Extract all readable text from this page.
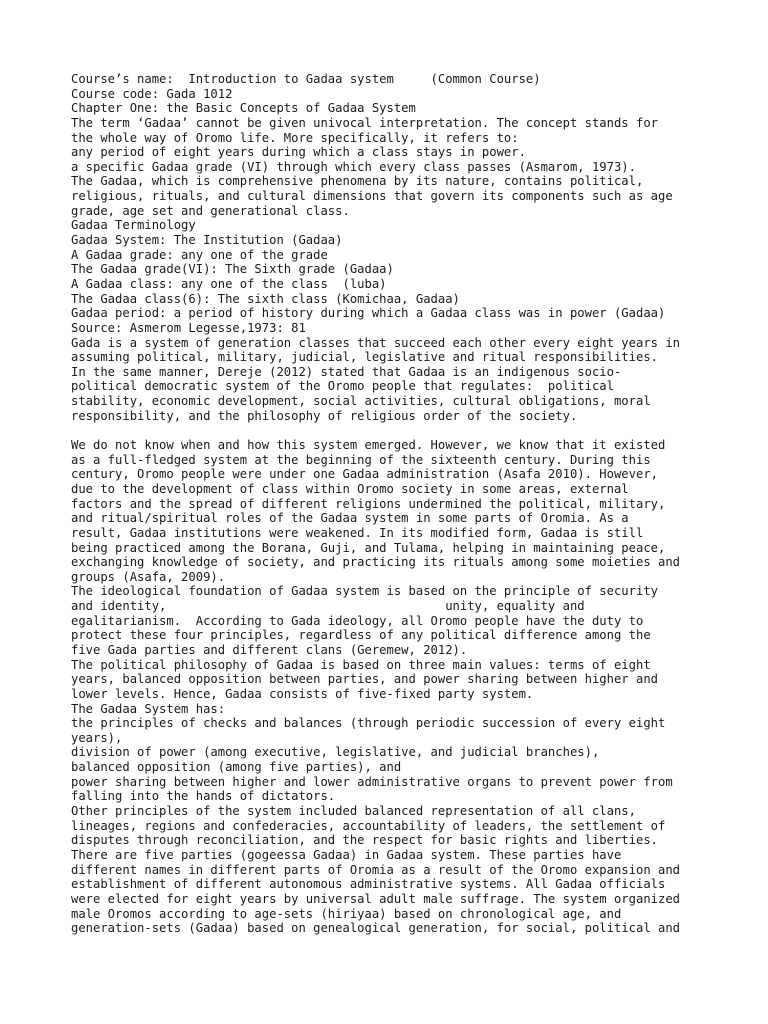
Course’s name:  Introduction to Gadaa system     (Common Course)
Course code: Gada 1012
Chapter One: the Basic Concepts of Gadaa System
The term ‘Gadaa’ cannot be given univocal interpretation. The concept stands for
the whole way of Oromo life. More specifically, it refers to:
any period of eight years during which a class stays in power.
a specific Gadaa grade (VI) through which every class passes (Asmarom, 1973).
The Gadaa, which is comprehensive phenomena by its nature, contains political,
religious, rituals, and cultural dimensions that govern its components such as age
grade, age set and generational class.
Gadaa Terminology
Gadaa System: The Institution (Gadaa)
A Gadaa grade: any one of the grade
The Gadaa grade(VI): The Sixth grade (Gadaa)
A Gadaa class: any one of the class  (luba)
The Gadaa class(6): The sixth class (Komichaa, Gadaa)
Gadaa period: a period of history during which a Gadaa class was in power (Gadaa)
Source: Asmerom Legesse,1973: 81
Gada is a system of generation classes that succeed each other every eight years in
assuming political, military, judicial, legislative and ritual responsibilities.
In the same manner, Dereje (2012) stated that Gadaa is an indigenous socio-
political democratic system of the Oromo people that regulates:  political
stability, economic development, social activities, cultural obligations, moral
responsibility, and the philosophy of religious order of the society.
We do not know when and how this system emerged. However, we know that it existed
as a full-fledged system at the beginning of the sixteenth century. During this
century, Oromo people were under one Gadaa administration (Asafa 2010). However,
due to the development of class within Oromo society in some areas, external
factors and the spread of different religions undermined the political, military,
and ritual/spiritual roles of the Gadaa system in some parts of Oromia. As a
result, Gadaa institutions were weakened. In its modified form, Gadaa is still
being practiced among the Borana, Guji, and Tulama, helping in maintaining peace,
exchanging knowledge of society, and practicing its rituals among some moieties and
groups (Asafa, 2009).
The ideological foundation of Gadaa system is based on the principle of security
and identity,                                      unity, equality and
egalitarianism.  According to Gada ideology, all Oromo people have the duty to
protect these four principles, regardless of any political difference among the
five Gada parties and different clans (Geremew, 2012).
The political philosophy of Gadaa is based on three main values: terms of eight
years, balanced opposition between parties, and power sharing between higher and
lower levels. Hence, Gadaa consists of five-fixed party system.
The Gadaa System has:
the principles of checks and balances (through periodic succession of every eight
years),
division of power (among executive, legislative, and judicial branches),
balanced opposition (among five parties), and
power sharing between higher and lower administrative organs to prevent power from
falling into the hands of dictators.
Other principles of the system included balanced representation of all clans,
lineages, regions and confederacies, accountability of leaders, the settlement of
disputes through reconciliation, and the respect for basic rights and liberties.
There are five parties (gogeessa Gadaa) in Gadaa system. These parties have
different names in different parts of Oromia as a result of the Oromo expansion and
establishment of different autonomous administrative systems. All Gadaa officials
were elected for eight years by universal adult male suffrage. The system organized
male Oromos according to age-sets (hiriyaa) based on chronological age, and
generation-sets (Gadaa) based on genealogical generation, for social, political and
